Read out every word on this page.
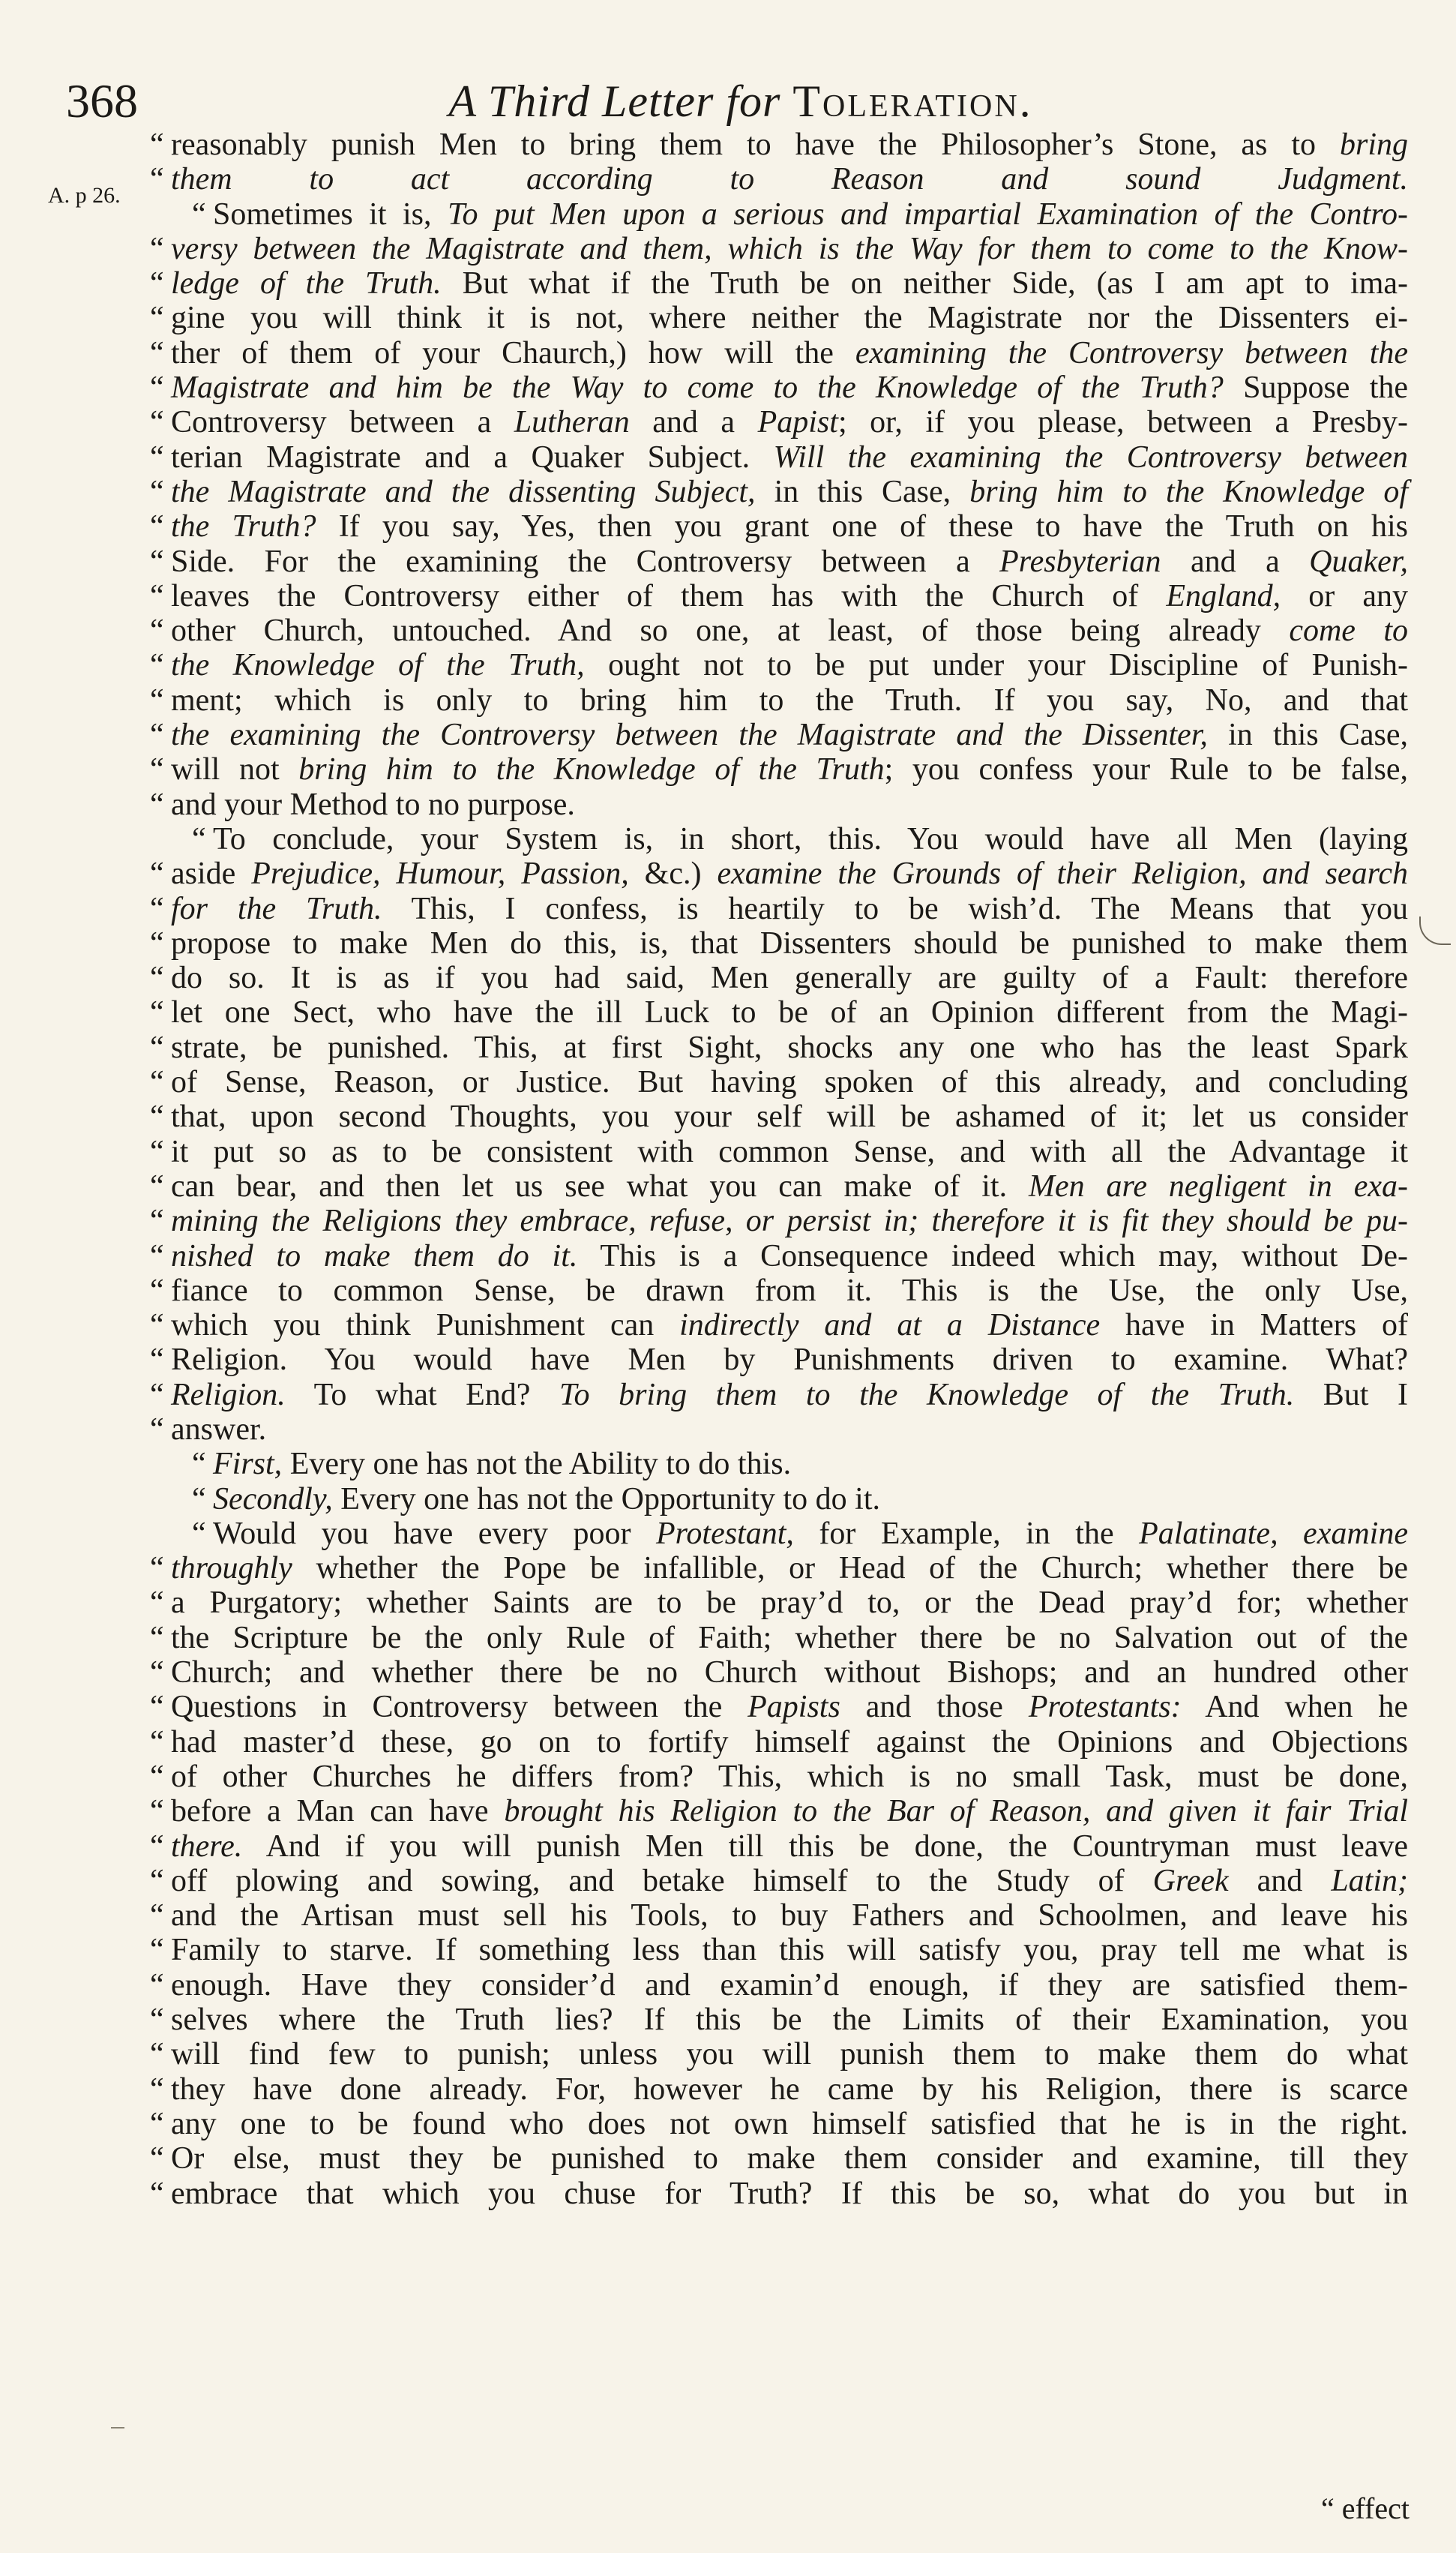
368	A Third Letter for Toleration.
A. p 26.
“ reasonably punish Men to bring them to have the Philosopher’s Stone, as to bring
“ them to act according to Reason and sound Judgment.
“ Sometimes it is, To put Men upon a serious and impartial Examination of the Contro-
“ versy between the Magistrate and them, which is the Way for them to come to the Know-
“ ledge of the Truth. But what if the Truth be on neither Side, (as I am apt to ima-
“ gine you will think it is not, where neither the Magistrate nor the Dissenters ei-
“ ther of them of your Chaurch,) how will the examining the Controversy between the
“ Magistrate and him be the Way to come to the Knowledge of the Truth? Suppose the
“ Controversy between a Lutheran and a Papist; or, if you please, between a Presby-
“ terian Magistrate and a Quaker Subject. Will the examining the Controversy between
“ the Magistrate and the dissenting Subject, in this Case, bring him to the Knowledge of
“ the Truth? If you say, Yes, then you grant one of these to have the Truth on his
“ Side. For the examining the Controversy between a Presbyterian and a Quaker,
“ leaves the Controversy either of them has with the Church of England, or any
“ other Church, untouched. And so one, at least, of those being already come to
“ the Knowledge of the Truth, ought not to be put under your Discipline of Punish-
“ ment; which is only to bring him to the Truth. If you say, No, and that
“ the examining the Controversy between the Magistrate and the Dissenter, in this Case,
“ will not bring him to the Knowledge of the Truth; you confess your Rule to be false,
“ and your Method to no purpose.
“ To conclude, your System is, in short, this. You would have all Men (laying
“ aside Prejudice, Humour, Passion, &c.) examine the Grounds of their Religion, and search
“ for the Truth. This, I confess, is heartily to be wish’d. The Means that you
“ propose to make Men do this, is, that Dissenters should be punished to make them
“ do so. It is as if you had said, Men generally are guilty of a Fault: therefore
“ let one Sect, who have the ill Luck to be of an Opinion different from the Magi-
“ strate, be punished. This, at first Sight, shocks any one who has the least Spark
“ of Sense, Reason, or Justice. But having spoken of this already, and concluding
“ that, upon second Thoughts, you your self will be ashamed of it; let us consider
“ it put so as to be consistent with common Sense, and with all the Advantage it
“ can bear, and then let us see what you can make of it. Men are negligent in exa-
“ mining the Religions they embrace, refuse, or persist in; therefore it is fit they should be pu-
“ nished to make them do it. This is a Consequence indeed which may, without De-
“ fiance to common Sense, be drawn from it. This is the Use, the only Use,
“ which you think Punishment can indirectly and at a Distance have in Matters of
“ Religion. You would have Men by Punishments driven to examine. What?
“ Religion. To what End? To bring them to the Knowledge of the Truth. But I
“ answer.
“ First, Every one has not the Ability to do this.
“ Secondly, Every one has not the Opportunity to do it.
“ Would you have every poor Protestant, for Example, in the Palatinate, examine
“ throughly whether the Pope be infallible, or Head of the Church; whether there be
“ a Purgatory; whether Saints are to be pray’d to, or the Dead pray’d for; whether
“ the Scripture be the only Rule of Faith; whether there be no Salvation out of the
“ Church; and whether there be no Church without Bishops; and an hundred other
“ Questions in Controversy between the Papists and those Protestants: And when he
“ had master’d these, go on to fortify himself against the Opinions and Objections
“ of other Churches he differs from? This, which is no small Task, must be done,
“ before a Man can have brought his Religion to the Bar of Reason, and given it fair Trial
“ there. And if you will punish Men till this be done, the Countryman must leave
“ off plowing and sowing, and betake himself to the Study of Greek and Latin;
“ and the Artisan must sell his Tools, to buy Fathers and Schoolmen, and leave his
“ Family to starve. If something less than this will satisfy you, pray tell me what is
“ enough. Have they consider’d and examin’d enough, if they are satisfied them-
“ selves where the Truth lies? If this be the Limits of their Examination, you
“ will find few to punish; unless you will punish them to make them do what
“ they have done already. For, however he came by his Religion, there is scarce
“ any one to be found who does not own himself satisfied that he is in the right.
“ Or else, must they be punished to make them consider and examine, till they
“ embrace that which you chuse for Truth? If this be so, what do you but in
“ effect
